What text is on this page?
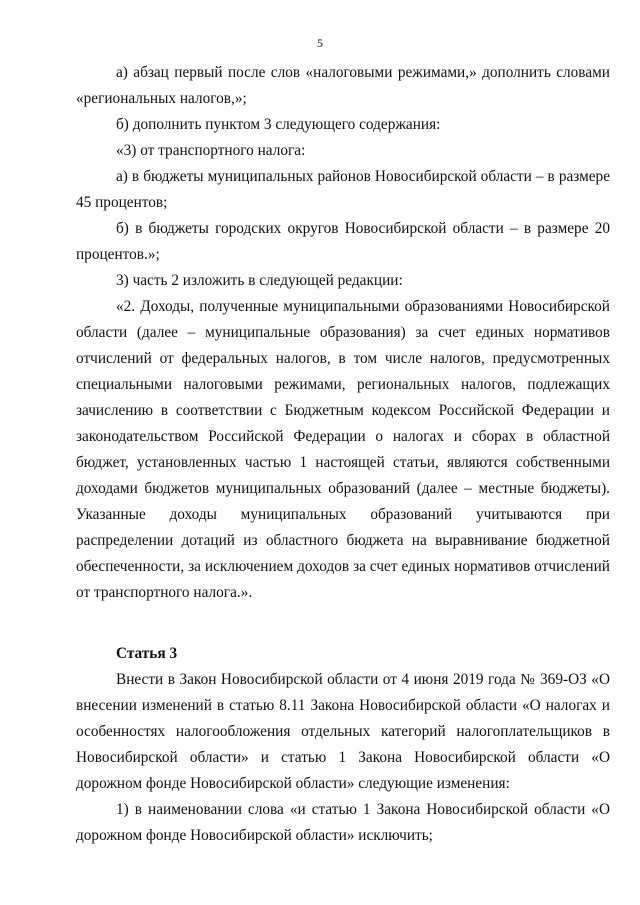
5

а) абзац первый после слов «налоговыми режимами,» дополнить словами «региональных налогов,»;

б) дополнить пунктом 3 следующего содержания:

«3) от транспортного налога:

а) в бюджеты муниципальных районов Новосибирской области – в размере 45 процентов;

б) в бюджеты городских округов Новосибирской области – в размере 20 процентов.»;

3) часть 2 изложить в следующей редакции:

«2. Доходы, полученные муниципальными образованиями Новосибирской области (далее – муниципальные образования) за счет единых нормативов отчислений от федеральных налогов, в том числе налогов, предусмотренных специальными налоговыми режимами, региональных налогов, подлежащих зачислению в соответствии с Бюджетным кодексом Российской Федерации и законодательством Российской Федерации о налогах и сборах в областной бюджет, установленных частью 1 настоящей статьи, являются собственными доходами бюджетов муниципальных образований (далее – местные бюджеты). Указанные доходы муниципальных образований учитываются при распределении дотаций из областного бюджета на выравнивание бюджетной обеспеченности, за исключением доходов за счет единых нормативов отчислений от транспортного налога.».

Статья 3

Внести в Закон Новосибирской области от 4 июня 2019 года № 369-ОЗ «О внесении изменений в статью 8.11 Закона Новосибирской области «О налогах и особенностях налогообложения отдельных категорий налогоплательщиков в Новосибирской области» и статью 1 Закона Новосибирской области «О дорожном фонде Новосибирской области» следующие изменения:

1) в наименовании слова «и статью 1 Закона Новосибирской области «О дорожном фонде Новосибирской области» исключить;
